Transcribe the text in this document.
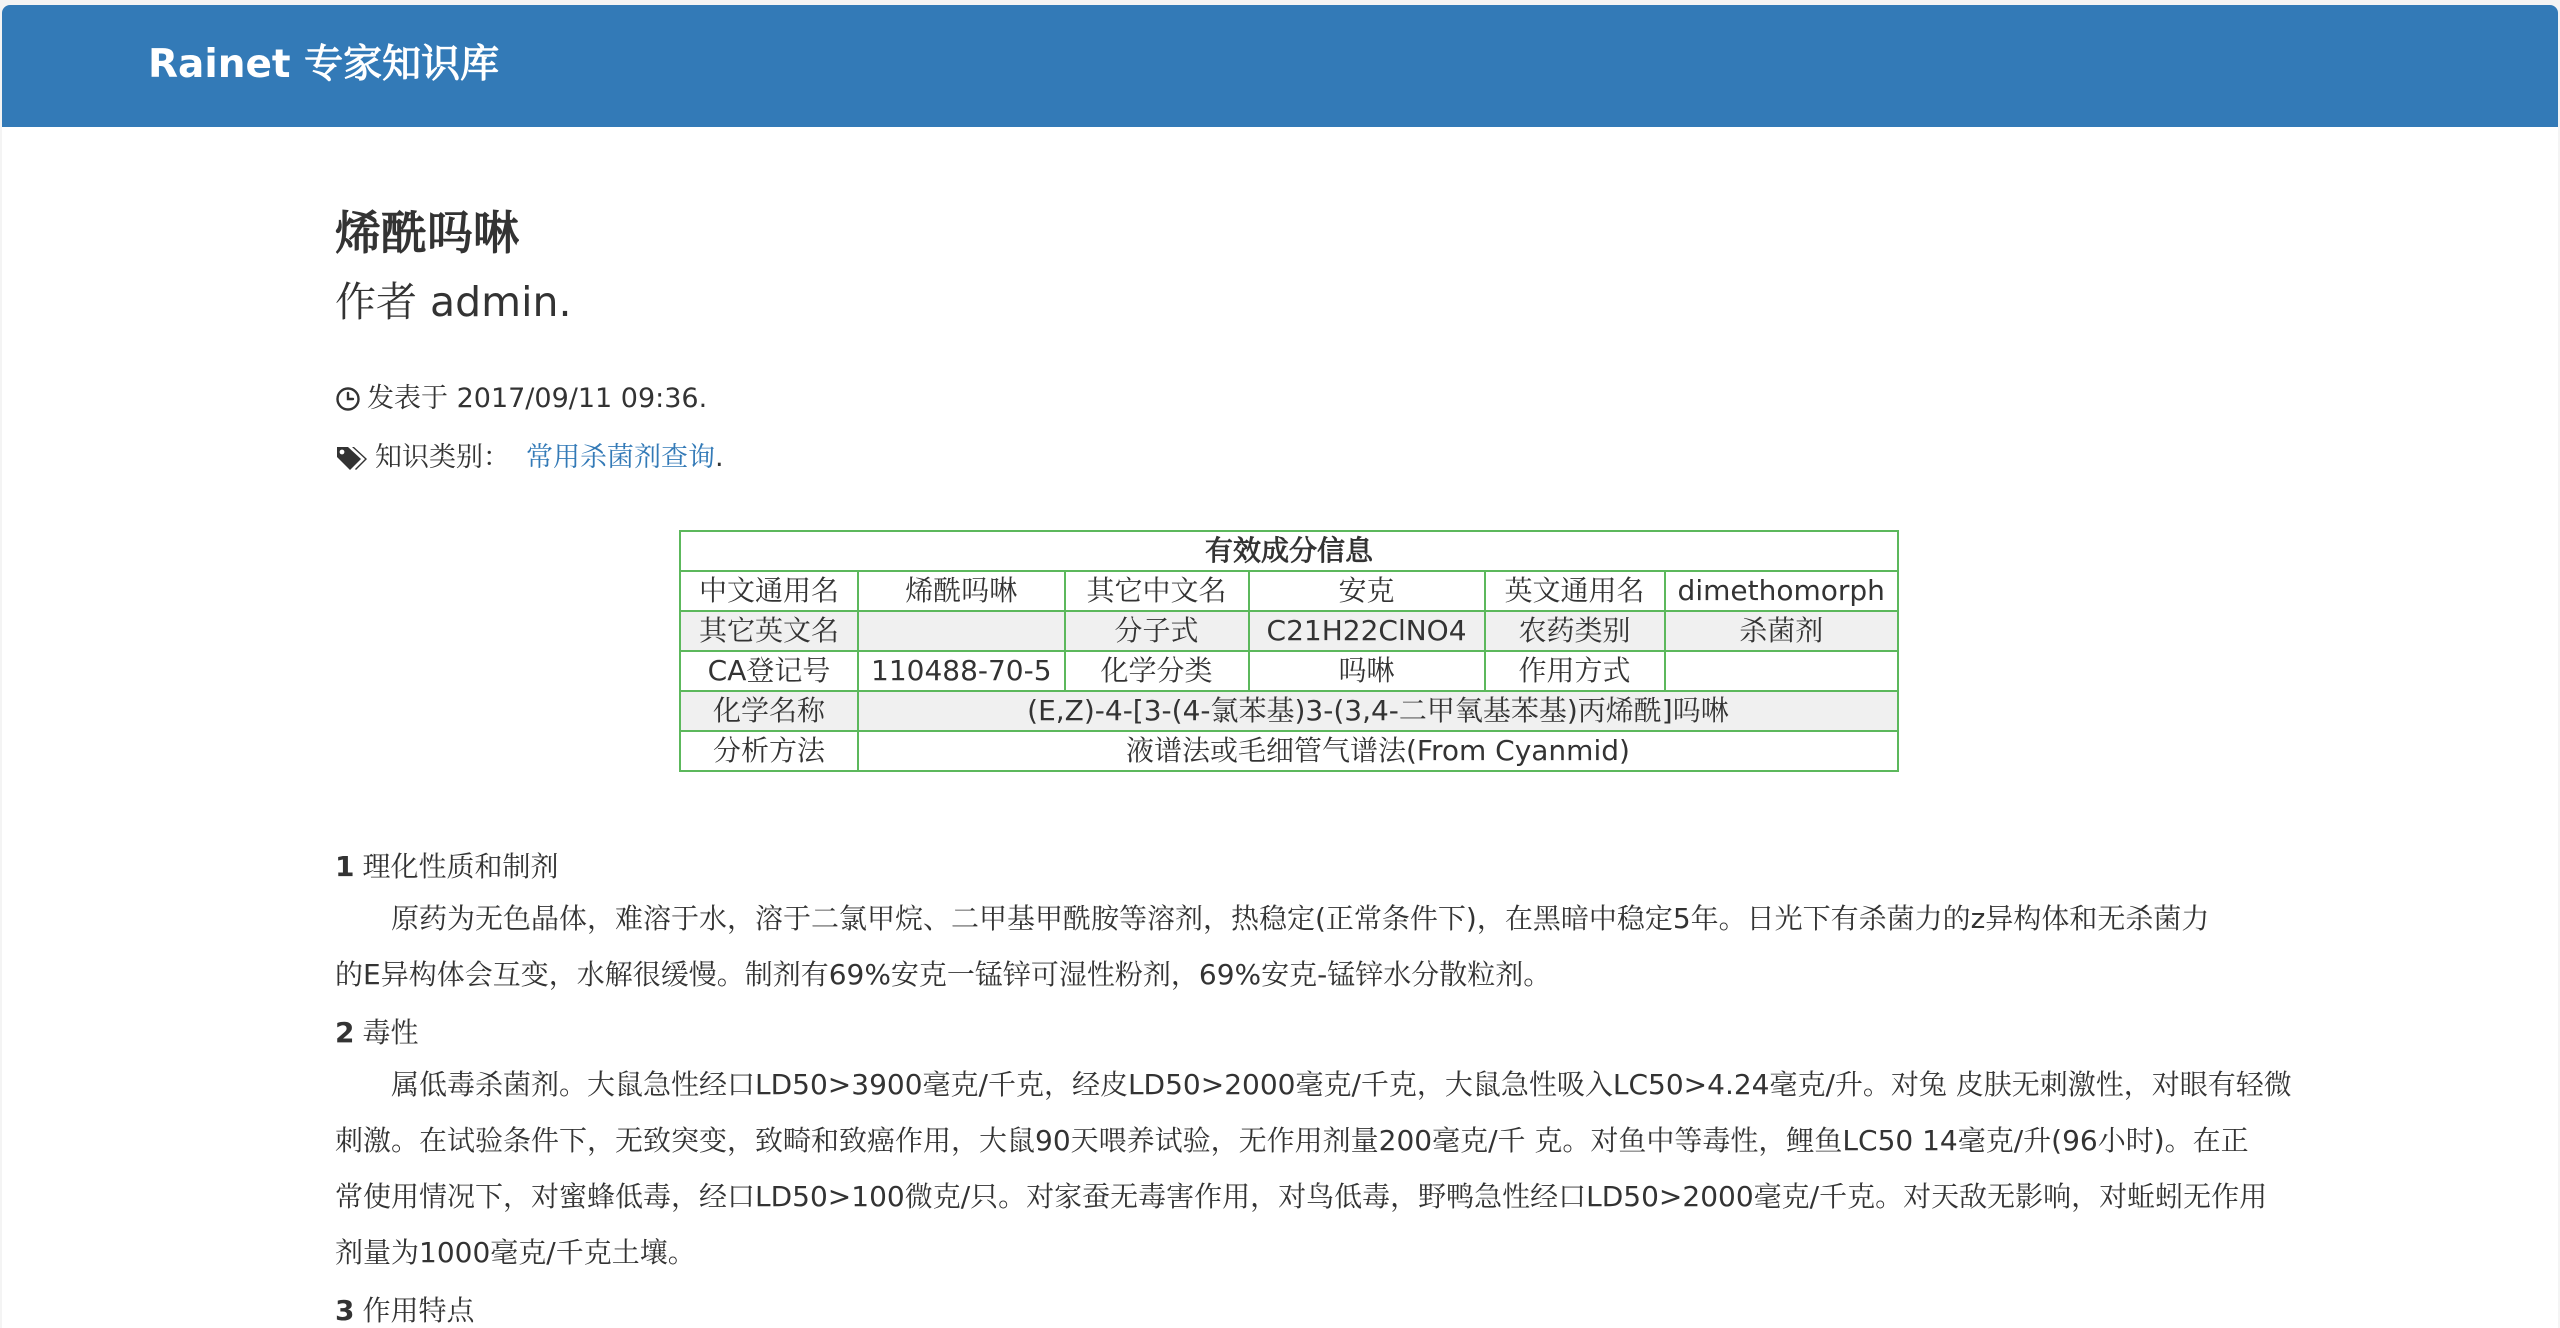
Rainet 专家知识库
烯酰吗啉
作者 admin.
发表于 2017/09/11 09:36.
知识类别： 常用杀菌剂查询 .
有效成分信息					
中文通用名	烯酰吗啉	其它中文名	安克	英文通用名	dimethomorph
其它英文名		分子式	C21H22ClNO4	农药类别	杀菌剂
CA登记号	110488-70-5	化学分类	吗啉	作用方式	
化学名称	(E,Z)-4-[3-(4-氯苯基)3-(3,4-二甲氧基苯基)丙烯酰]吗啉				
分析方法	液谱法或毛细管气谱法(From Cyanmid)				
1 理化性质和制剂
原药为无色晶体，难溶于水，溶于二氯甲烷、二甲基甲酰胺等溶剂，热稳定(正常条件下)，在黑暗中稳定5年。日光下有杀菌力的z异构体和无杀菌力
的E异构体会互变，水解很缓慢。制剂有69%安克一锰锌可湿性粉剂，69%安克-锰锌水分散粒剂。
2 毒性
属低毒杀菌剂。大鼠急性经口LD50>3900毫克/千克，经皮LD50>2000毫克/千克，大鼠急性吸入LC50>4.24毫克/升。对兔 皮肤无刺激性，对眼有轻微
刺激。在试验条件下，无致突变，致畸和致癌作用，大鼠90天喂养试验，无作用剂量200毫克/千 克。对鱼中等毒性，鲤鱼LC50 14毫克/升(96小时)。在正
常使用情况下，对蜜蜂低毒，经口LD50>100微克/只。对家蚕无毒害作用，对鸟低毒，野鸭急性经口LD50>2000毫克/千克。对天敌无影响，对蚯蚓无作用
剂量为1000毫克/千克土壤。
3 作用特点
